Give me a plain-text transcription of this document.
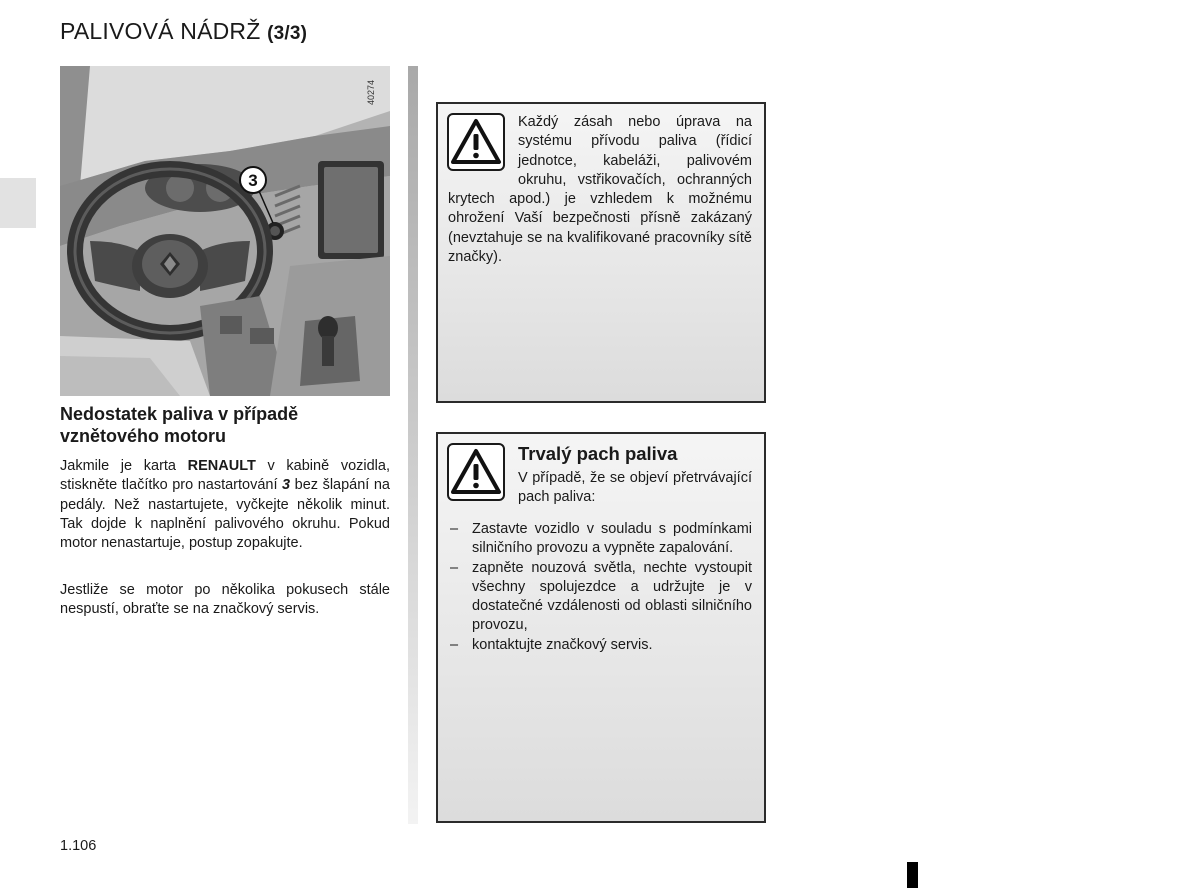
PALIVOVÁ NÁDRŽ (3/3)
3
40274
Nedostatek paliva v případě
vznětového motoru

Jakmile je karta RENAULT v kabině vozidla, stiskněte tlačítko pro nastartování 3 bez šlapání na pedály. Než nastartujete, vyčkejte několik minut. Tak dojde k naplnění palivového okruhu. Pokud motor nenastartuje, postup zopakujte.

Jestliže se motor po několika pokusech stále nespustí, obraťte se na značkový servis.

Každý zásah nebo úprava na systému přívodu paliva (řídicí jednotce, kabeláži, palivovém okruhu, vstřikovačích, ochranných krytech apod.) je vzhledem k možnému ohrožení Vaší bezpečnosti přísně zakázaný (nevztahuje se na kvalifikované pracovníky sítě značky).

Trvalý pach paliva

V případě, že se objeví přetrvávající pach paliva:

– Zastavte vozidlo v souladu s podmínkami silničního provozu a vypněte zapalování.
– zapněte nouzová světla, nechte vystoupit všechny spolujezdce a udržujte je v dostatečné vzdálenosti od oblasti silničního provozu,
– kontaktujte značkový servis.
1.106
